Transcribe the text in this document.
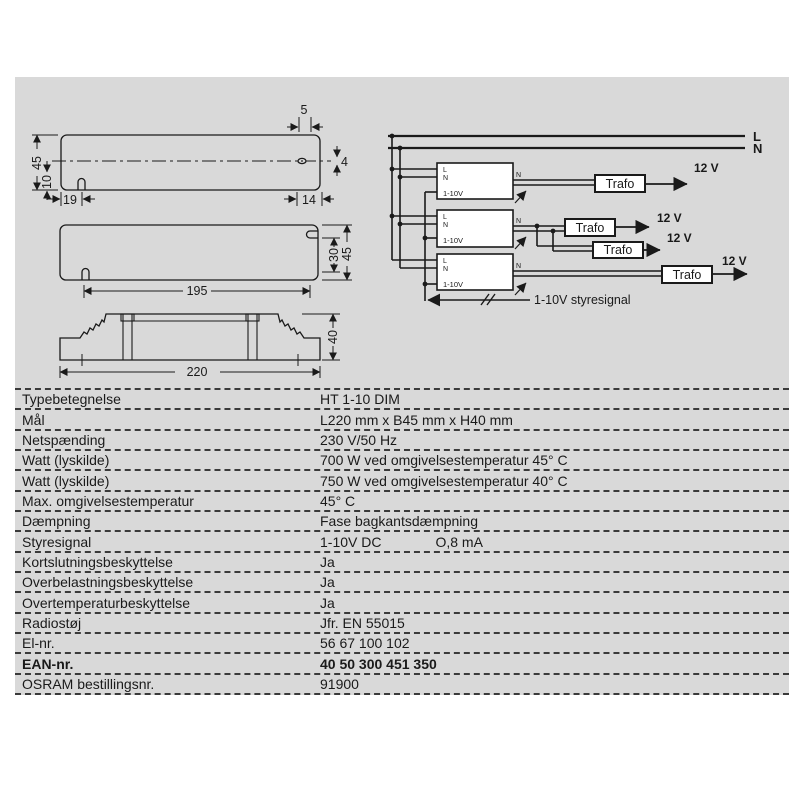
45
10
19
5
4
14
195
30 45
220
40
L
N
L
N
1-10V
N
L
N
1-10V
N
L
N
1-10V
N
Trafo
Trafo
Trafo
Trafo
12 V
12 V
12 V
12 V
1-10V styresignal
Typebetegnelse	HT 1-10 DIM
Mål	L220 mm x B45 mm x H40 mm
Netspænding	230 V/50 Hz
Watt (lyskilde)	700 W ved omgivelsestemperatur 45° C
Watt (lyskilde)	750 W ved omgivelsestemperatur 40° C
Max. omgivelsestemperatur	45° C
Dæmpning	Fase bagkantsdæmpning
Styresignal	1-10V DC	O,8 mA
Kortslutningsbeskyttelse	Ja
Overbelastningsbeskyttelse	Ja
Overtemperaturbeskyttelse	Ja
Radiostøj	Jfr. EN 55015
El-nr.	56 67 100 102
EAN-nr.	40 50 300 451 350
OSRAM bestillingsnr.	91900
